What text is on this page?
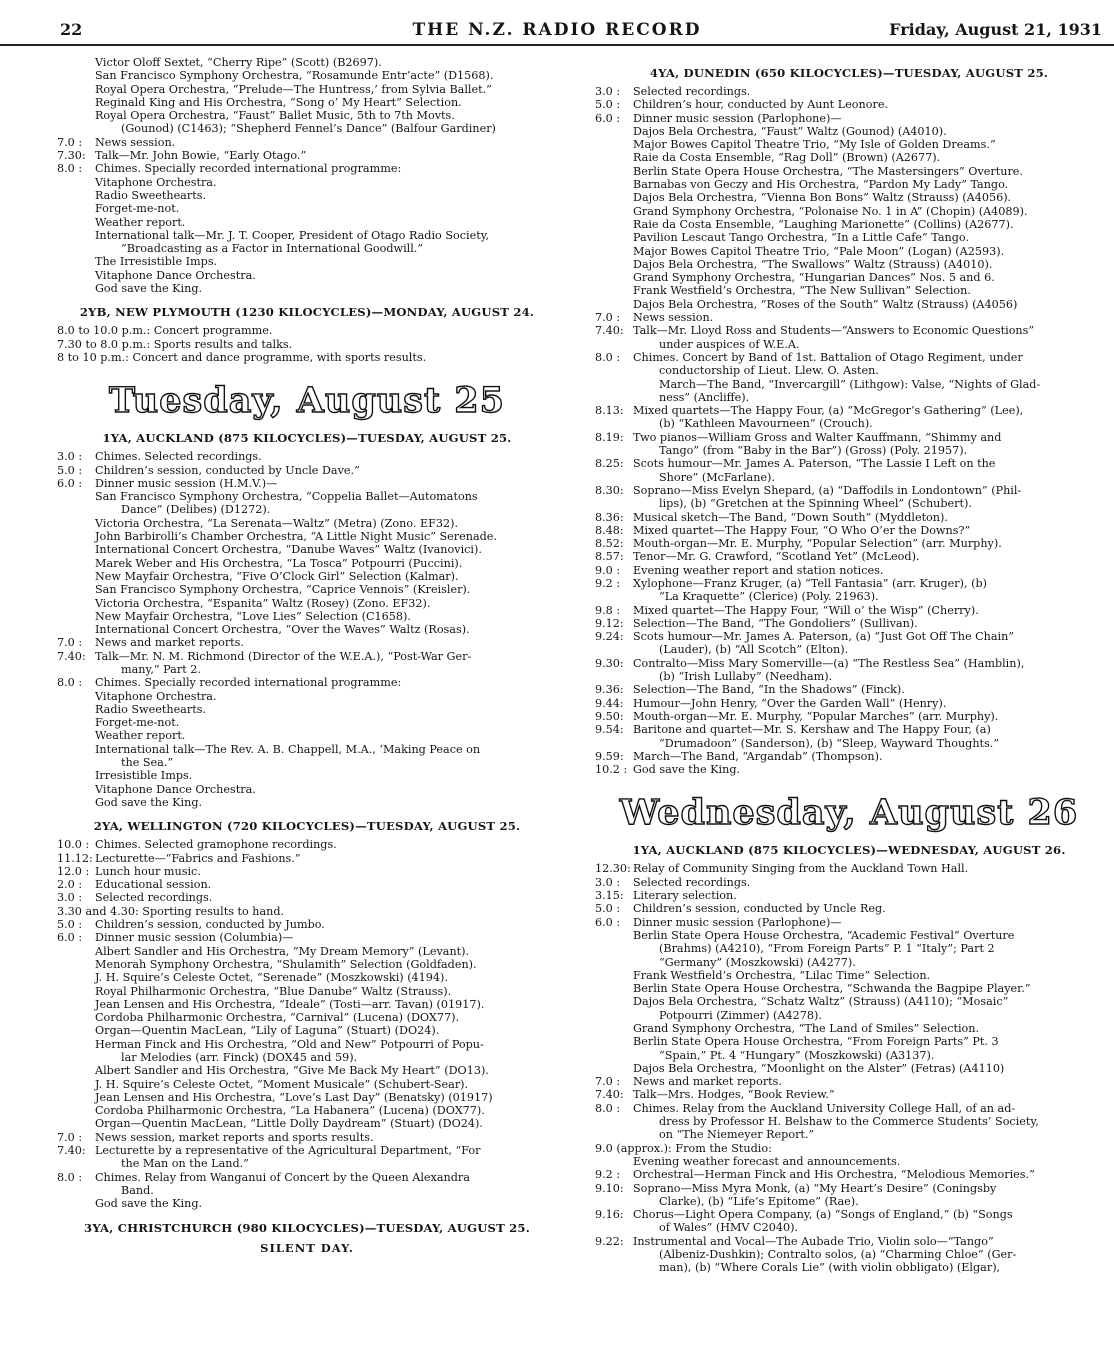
22	THE N.Z. RADIO RECORD	Friday, August 21, 1931
Victor Oloff Sextet, “Cherry Ripe” (Scott) (B2697).
San Francisco Symphony Orchestra, “Rosamunde Entr’acte” (D1568).
Royal Opera Orchestra, “Prelude—The Huntress,’ from Sylvia Ballet.”
Reginald King and His Orchestra, “Song o’ My Heart” Selection.
Royal Opera Orchestra, “Faust” Ballet Music, 5th to 7th Movts.
(Gounod) (C1463); “Shepherd Fennel’s Dance” (Balfour Gardiner)
7.0 :	News session.
7.30: Talk—Mr. John Bowie, “Early Otago.”
8.0 :	Chimes. Specially recorded international programme:
Vitaphone Orchestra.
Radio Sweethearts.
Forget-me-not.
Weather report.
International talk—Mr. J. T. Cooper, President of Otago Radio Society,
“Broadcasting as a Factor in International Goodwill.”
The Irresistible Imps.
Vitaphone Dance Orchestra.
God save the King.
2YB, NEW PLYMOUTH (1230 KILOCYCLES)—MONDAY, AUGUST 24.
8.0 to 10.0 p.m.: Concert programme.
7.30 to 8.0 p.m.: Sports results and talks.
8 to 10 p.m.: Concert and dance programme, with sports results.
Tuesday, August 25
1YA, AUCKLAND (875 KILOCYCLES)—TUESDAY, AUGUST 25.
3.0 :	Chimes. Selected recordings.
5.0 :	Children’s session, conducted by Uncle Dave.”
6.0 :	Dinner music session (H.M.V.)—
San Francisco Symphony Orchestra, “Coppelia Ballet—Automatons
Dance” (Delibes) (D1272).
Victoria Orchestra, “La Serenata—Waltz” (Metra) (Zono. EF32).
John Barbirolli’s Chamber Orchestra, “A Little Night Music” Serenade.
International Concert Orchestra, “Danube Waves” Waltz (Ivanovici).
Marek Weber and His Orchestra, “La Tosca” Potpourri (Puccini).
New Mayfair Orchestra, “Five O’Clock Girl” Selection (Kalmar).
San Francisco Symphony Orchestra, “Caprice Vennois” (Kreisler).
Victoria Orchestra, “Espanita” Waltz (Rosey) (Zono. EF32).
New Mayfair Orchestra, “Love Lies” Selection (C1658).
International Concert Orchestra, “Over the Waves” Waltz (Rosas).
7.0 :	News and market reports.
7.40: Talk—Mr. N. M. Richmond (Director of the W.E.A.), “Post-War Ger-
many,” Part 2.
8.0 :	Chimes. Specially recorded international programme:
Vitaphone Orchestra.
Radio Sweethearts.
Forget-me-not.
Weather report.
International talk—The Rev. A. B. Chappell, M.A., ‘Making Peace on
the Sea.”
Irresistible Imps.
Vitaphone Dance Orchestra.
God save the King.
2YA, WELLINGTON (720 KILOCYCLES)—TUESDAY, AUGUST 25.
10.0 : Chimes. Selected gramophone recordings.
11.12: Lecturette—“Fabrics and Fashions.”
12.0 : Lunch hour music.
2.0 :	Educational session.
3.0 :	Selected recordings.
3.30 and 4.30: Sporting results to hand.
5.0 :	Children’s session, conducted by Jumbo.
6.0 :	Dinner music session (Columbia)—
Albert Sandler and His Orchestra, “My Dream Memory” (Levant).
Menorah Symphony Orchestra, “Shulamith” Selection (Goldfaden).
J. H. Squire’s Celeste Octet, “Serenade” (Moszkowski) (4194).
Royal Philharmonic Orchestra, “Blue Danube” Waltz (Strauss).
Jean Lensen and His Orchestra, “Ideale” (Tosti—arr. Tavan) (01917).
Cordoba Philharmonic Orchestra, “Carnival” (Lucena) (DOX77).
Organ—Quentin MacLean, “Lily of Laguna” (Stuart) (DO24).
Herman Finck and His Orchestra, “Old and New” Potpourri of Popu-
lar Melodies (arr. Finck) (DOX45 and 59).
Albert Sandler and His Orchestra, “Give Me Back My Heart” (DO13).
J. H. Squire’s Celeste Octet, “Moment Musicale” (Schubert-Sear).
Jean Lensen and His Orchestra, “Love’s Last Day” (Benatsky) (01917)
Cordoba Philharmonic Orchestra, “La Habanera” (Lucena) (DOX77).
Organ—Quentin MacLean, “Little Dolly Daydream” (Stuart) (DO24).
7.0 :	News session, market reports and sports results.
7.40: Lecturette by a representative of the Agricultural Department, “For
the Man on the Land.”
8.0 :	Chimes. Relay from Wanganui of Concert by the Queen Alexandra
Band.
God save the King.
3YA, CHRISTCHURCH (980 KILOCYCLES)—TUESDAY, AUGUST 25.
SILENT DAY.
4YA, DUNEDIN (650 KILOCYCLES)—TUESDAY, AUGUST 25.
3.0 :	Selected recordings.
5.0 :	Children’s hour, conducted by Aunt Leonore.
6.0 :	Dinner music session (Parlophone)—
Dajos Bela Orchestra, “Faust” Waltz (Gounod) (A4010).
Major Bowes Capitol Theatre Trio, “My Isle of Golden Dreams.”
Raie da Costa Ensemble, “Rag Doll” (Brown) (A2677).
Berlin State Opera House Orchestra, “The Mastersingers” Overture.
Barnabas von Geczy and His Orchestra, “Pardon My Lady” Tango.
Dajos Bela Orchestra, “Vienna Bon Bons” Waltz (Strauss) (A4056).
Grand Symphony Orchestra, “Polonaise No. 1 in A” (Chopin) (A4089).
Raie da Costa Ensemble, “Laughing Marionette” (Collins) (A2677).
Pavilion Lescaut Tango Orchestra, “In a Little Cafe” Tango.
Major Bowes Capitol Theatre Trio, “Pale Moon” (Logan) (A2593).
Dajos Bela Orchestra, “The Swallows” Waltz (Strauss) (A4010).
Grand Symphony Orchestra, “Hungarian Dances” Nos. 5 and 6.
Frank Westfield’s Orchestra, “The New Sullivan” Selection.
Dajos Bela Orchestra, “Roses of the South” Waltz (Strauss) (A4056)
7.0 :	News session.
7.40: Talk—Mr. Lloyd Ross and Students—“Answers to Economic Questions”
under auspices of W.E.A.
8.0 :	Chimes. Concert by Band of 1st. Battalion of Otago Regiment, under
conductorship of Lieut. Llew. O. Asten.
March—The Band, “Invercargill” (Lithgow): Valse, “Nights of Glad-
ness” (Ancliffe).
8.13: Mixed quartets—The Happy Four, (a) “McGregor’s Gathering” (Lee),
(b) “Kathleen Mavourneen” (Crouch).
8.19: Two pianos—William Gross and Walter Kauffmann, “Shimmy and
Tango” (from “Baby in the Bar”) (Gross) (Poly. 21957).
8.25: Scots humour—Mr. James A. Paterson, “The Lassie I Left on the
Shore” (McFarlane).
8.30: Soprano—Miss Evelyn Shepard, (a) “Daffodils in Londontown” (Phil-
lips), (b) “Gretchen at the Spinning Wheel” (Schubert).
8.36: Musical sketch—The Band, “Down South” (Myddleton).
8.48: Mixed quartet—The Happy Four, “O Who O’er the Downs?”
8.52: Mouth-organ—Mr. E. Murphy, “Popular Selection” (arr. Murphy).
8.57: Tenor—Mr. G. Crawford, “Scotland Yet” (McLeod).
9.0 :	Evening weather report and station notices.
9.2 :	Xylophone—Franz Kruger, (a) “Tell Fantasia” (arr. Kruger), (b)
“La Kraquette” (Clerice) (Poly. 21963).
9.8 :	Mixed quartet—The Happy Four, “Will o’ the Wisp” (Cherry).
9.12: Selection—The Band, “The Gondoliers” (Sullivan).
9.24: Scots humour—Mr. James A. Paterson, (a) “Just Got Off The Chain”
(Lauder), (b) “All Scotch” (Elton).
9.30: Contralto—Miss Mary Somerville—(a) “The Restless Sea” (Hamblin),
(b) “Irish Lullaby” (Needham).
9.36: Selection—The Band, “In the Shadows” (Finck).
9.44: Humour—John Henry, “Over the Garden Wall” (Henry).
9.50: Mouth-organ—Mr. E. Murphy, “Popular Marches” (arr. Murphy).
9.54: Baritone and quartet—Mr. S. Kershaw and The Happy Four, (a)
“Drumadoon” (Sanderson), (b) “Sleep, Wayward Thoughts.”
9.59: March—The Band, “Argandab” (Thompson).
10.2 : God save the King.
Wednesday, August 26
1YA, AUCKLAND (875 KILOCYCLES)—WEDNESDAY, AUGUST 26.
12.30: Relay of Community Singing from the Auckland Town Hall.
3.0 :	Selected recordings.
3.15: Literary selection.
5.0 :	Children’s session, conducted by Uncle Reg.
6.0 :	Dinner music session (Parlophone)—
Berlin State Opera House Orchestra, “Academic Festival” Overture
(Brahms) (A4210), “From Foreign Parts” P. 1 “Italy”; Part 2
“Germany” (Moszkowski) (A4277).
Frank Westfield’s Orchestra, “Lilac Time” Selection.
Berlin State Opera House Orchestra, “Schwanda the Bagpipe Player.”
Dajos Bela Orchestra, “Schatz Waltz” (Strauss) (A4110); “Mosaic”
Potpourri (Zimmer) (A4278).
Grand Symphony Orchestra, “The Land of Smiles” Selection.
Berlin State Opera House Orchestra, “From Foreign Parts” Pt. 3
“Spain,” Pt. 4 “Hungary” (Moszkowski) (A3137).
Dajos Bela Orchestra, “Moonlight on the Alster” (Fetras) (A4110)
7.0 :	News and market reports.
7.40: Talk—Mrs. Hodges, “Book Review.”
8.0 :	Chimes. Relay from the Auckland University College Hall, of an ad-
dress by Professor H. Belshaw to the Commerce Students’ Society,
on “The Niemeyer Report.”
9.0 (approx.): From the Studio:
Evening weather forecast and announcements.
9.2 :	Orchestral—Herman Finck and His Orchestra, “Melodious Memories.”
9.10: Soprano—Miss Myra Monk, (a) “My Heart’s Desire” (Coningsby
Clarke), (b) “Life’s Epitome” (Rae).
9.16: Chorus—Light Opera Company, (a) “Songs of England,” (b) “Songs
of Wales” (HMV C2040).
9.22: Instrumental and Vocal—The Aubade Trio, Violin solo—“Tango”
(Albeniz-Dushkin); Contralto solos, (a) “Charming Chloe” (Ger-
man), (b) “Where Corals Lie” (with violin obbligato) (Elgar),
